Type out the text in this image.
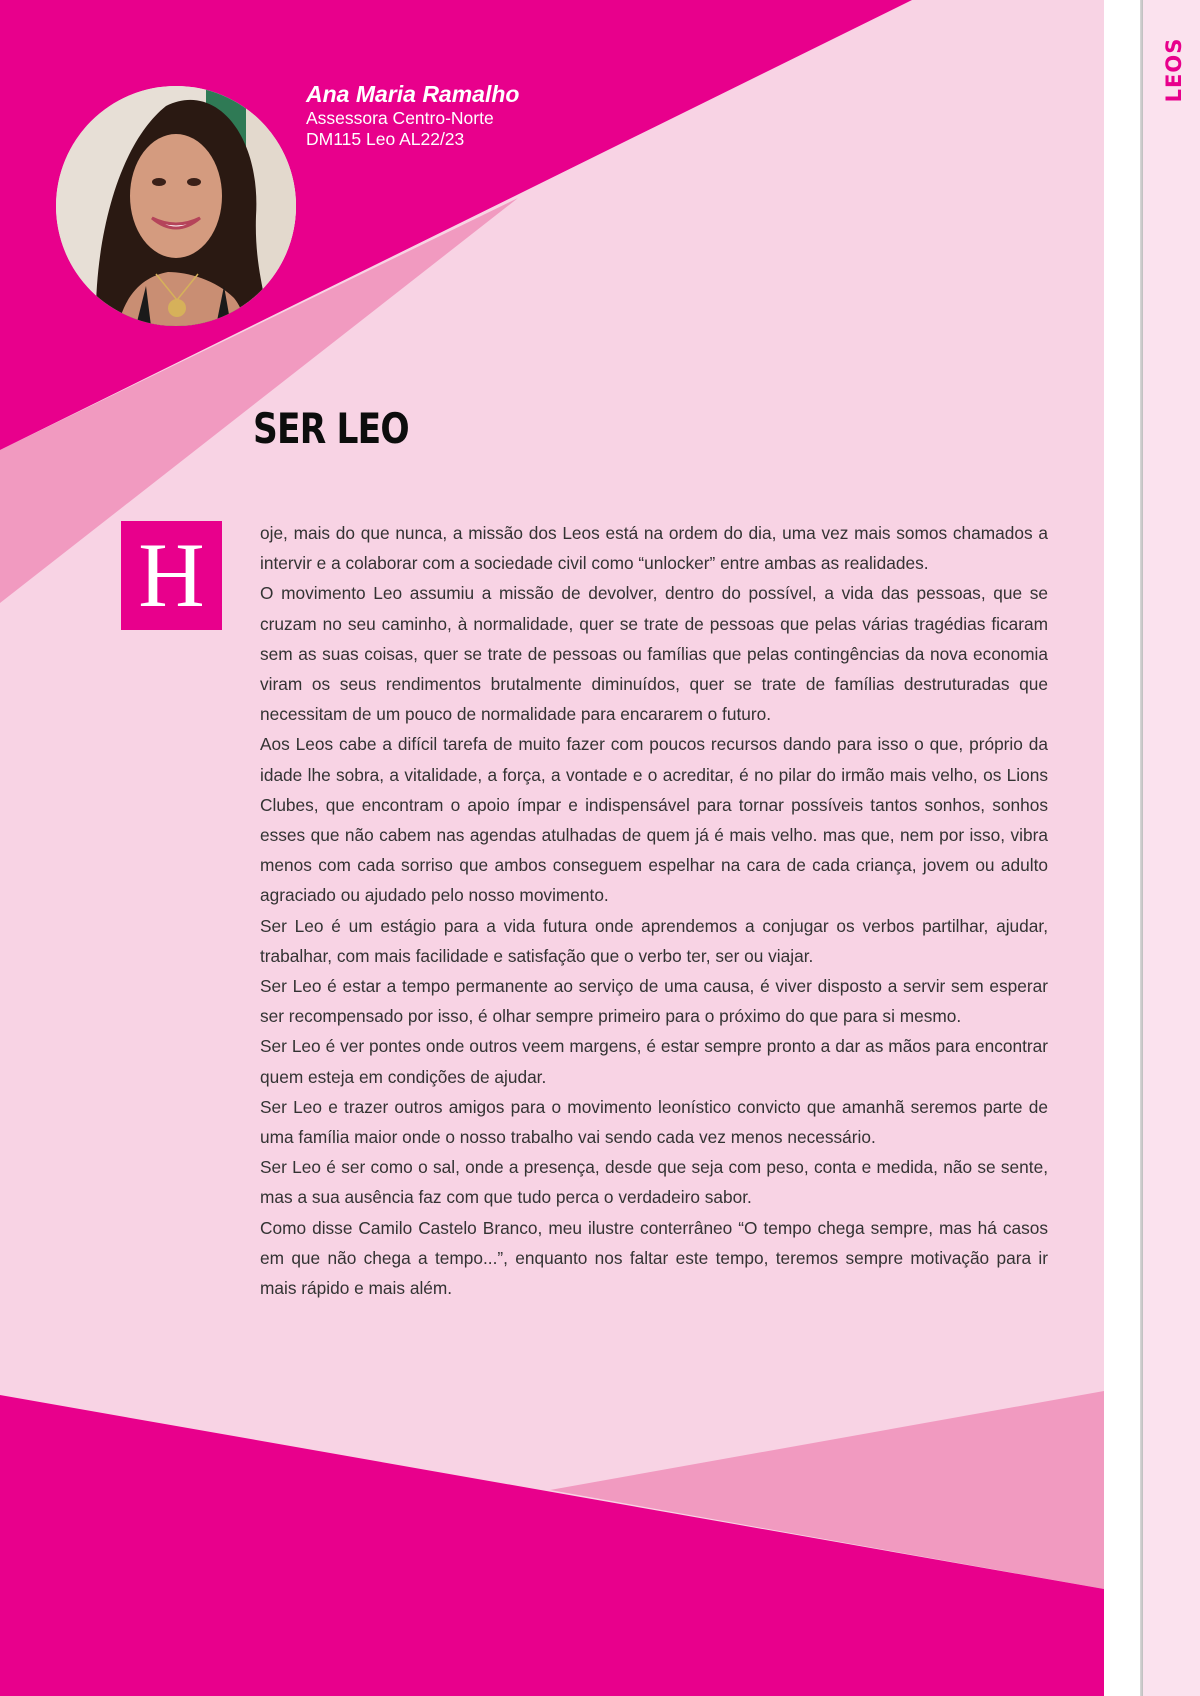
Ana Maria Ramalho
Assessora Centro-Norte
DM115 Leo AL22/23
SER LEO
H	oje, mais do que nunca, a missão dos Leos está na ordem do dia, uma vez mais somos chamados a intervir e a colaborar com a sociedade civil como “unlocker” entre ambas as realidades.

O movimento Leo assumiu a missão de devolver, dentro do possível, a vida das pessoas, que se cruzam no seu caminho, à normalidade, quer se trate de pessoas que pelas várias tragédias ficaram sem as suas coisas, quer se trate de pessoas ou famílias que pelas contingências da nova economia viram os seus rendimentos brutalmente diminuídos, quer se trate de famílias destruturadas que necessitam de um pouco de normalidade para encararem o futuro.

Aos Leos cabe a difícil tarefa de muito fazer com poucos recursos dando para isso o que, próprio da idade lhe sobra, a vitalidade, a força, a vontade e o acreditar, é no pilar do irmão mais velho, os Lions Clubes, que encontram o apoio ímpar e indispensável para tornar possíveis tantos sonhos, sonhos esses que não cabem nas agendas atulhadas de quem já é mais velho. mas que, nem por isso, vibra menos com cada sorriso que ambos conseguem espelhar na cara de cada criança, jovem ou adulto agraciado ou ajudado pelo nosso movimento.

Ser Leo é um estágio para a vida futura onde aprendemos a conjugar os verbos partilhar, ajudar, trabalhar, com mais facilidade e satisfação que o verbo ter, ser ou viajar.

Ser Leo é estar a tempo permanente ao serviço de uma causa, é viver disposto a servir sem esperar ser recompensado por isso, é olhar sempre primeiro para o próximo do que para si mesmo.

Ser Leo é ver pontes onde outros veem margens, é estar sempre pronto a dar as mãos para encontrar quem esteja em condições de ajudar.

Ser Leo e trazer outros amigos para o movimento leonístico convicto que amanhã seremos parte de uma família maior onde o nosso trabalho vai sendo cada vez menos necessário.

Ser Leo é ser como o sal, onde a presença, desde que seja com peso, conta e medida, não se sente, mas a sua ausência faz com que tudo perca o verdadeiro sabor.

Como disse Camilo Castelo Branco, meu ilustre conterrâneo “O tempo chega sempre, mas há casos em que não chega a tempo...”, enquanto nos faltar este tempo, teremos sempre motivação para ir mais rápido e mais além.

LEOS
